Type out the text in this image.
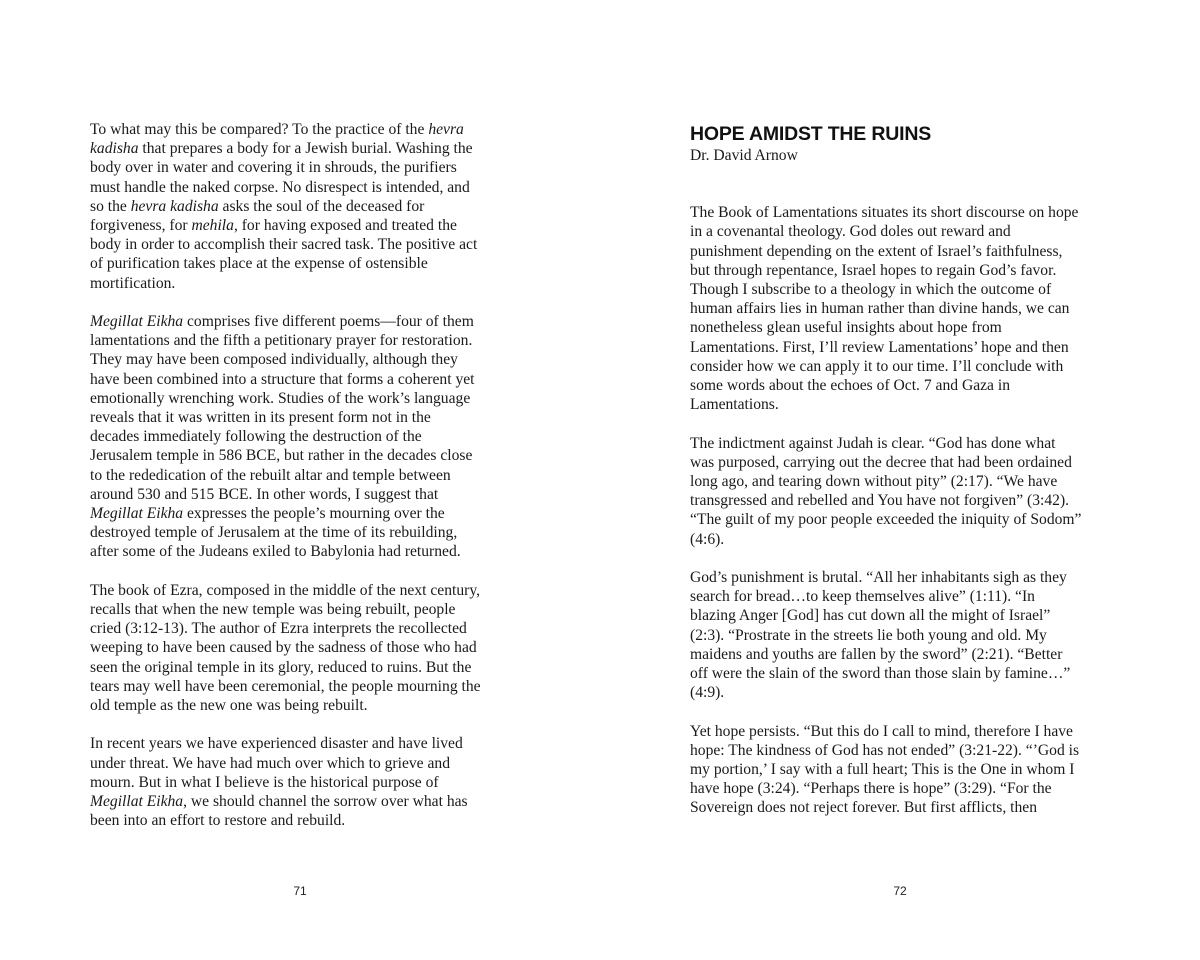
To what may this be compared? To the practice of the hevra
kadisha that prepares a body for a Jewish burial. Washing the
body over in water and covering it in shrouds, the purifiers
must handle the naked corpse. No disrespect is intended, and
so the hevra kadisha asks the soul of the deceased for
forgiveness, for mehila, for having exposed and treated the
body in order to accomplish their sacred task. The positive act
of purification takes place at the expense of ostensible
mortification.

Megillat Eikha comprises five different poems—four of them
lamentations and the fifth a petitionary prayer for restoration.
They may have been composed individually, although they
have been combined into a structure that forms a coherent yet
emotionally wrenching work. Studies of the work’s language
reveals that it was written in its present form not in the
decades immediately following the destruction of the
Jerusalem temple in 586 BCE, but rather in the decades close
to the rededication of the rebuilt altar and temple between
around 530 and 515 BCE. In other words, I suggest that
Megillat Eikha expresses the people’s mourning over the
destroyed temple of Jerusalem at the time of its rebuilding,
after some of the Judeans exiled to Babylonia had returned.

The book of Ezra, composed in the middle of the next century,
recalls that when the new temple was being rebuilt, people
cried (3:12-13). The author of Ezra interprets the recollected
weeping to have been caused by the sadness of those who had
seen the original temple in its glory, reduced to ruins. But the
tears may well have been ceremonial, the people mourning the
old temple as the new one was being rebuilt.

In recent years we have experienced disaster and have lived
under threat. We have had much over which to grieve and
mourn. But in what I believe is the historical purpose of
Megillat Eikha, we should channel the sorrow over what has
been into an effort to restore and rebuild.

71
HOPE AMIDST THE RUINS
Dr. David Arnow

The Book of Lamentations situates its short discourse on hope
in a covenantal theology. God doles out reward and
punishment depending on the extent of Israel’s faithfulness,
but through repentance, Israel hopes to regain God’s favor.
Though I subscribe to a theology in which the outcome of
human affairs lies in human rather than divine hands, we can
nonetheless glean useful insights about hope from
Lamentations. First, I’ll review Lamentations’ hope and then
consider how we can apply it to our time. I’ll conclude with
some words about the echoes of Oct. 7 and Gaza in
Lamentations.

The indictment against Judah is clear. “God has done what
was purposed, carrying out the decree that had been ordained
long ago, and tearing down without pity” (2:17). “We have
transgressed and rebelled and You have not forgiven” (3:42).
“The guilt of my poor people exceeded the iniquity of Sodom”
(4:6).

God’s punishment is brutal. “All her inhabitants sigh as they
search for bread…to keep themselves alive” (1:11). “In
blazing Anger [God] has cut down all the might of Israel”
(2:3). “Prostrate in the streets lie both young and old. My
maidens and youths are fallen by the sword” (2:21). “Better
off were the slain of the sword than those slain by famine…”
(4:9).

Yet hope persists. “But this do I call to mind, therefore I have
hope: The kindness of God has not ended” (3:21-22). “’God is
my portion,’ I say with a full heart; This is the One in whom I
have hope (3:24). “Perhaps there is hope” (3:29). “For the
Sovereign does not reject forever. But first afflicts, then

72
